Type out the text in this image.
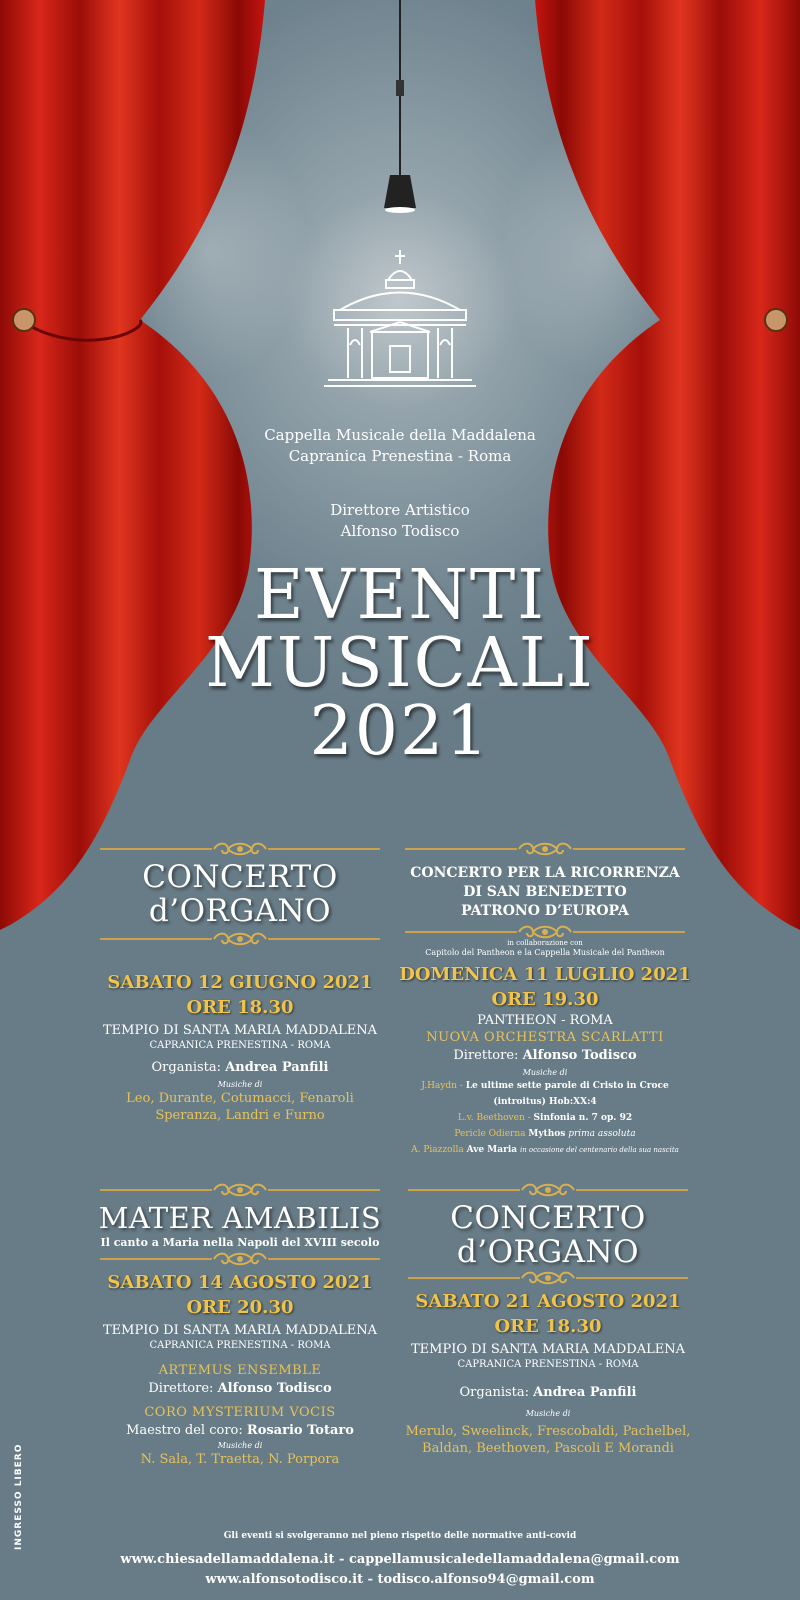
Cappella Musicale della Maddalena
Capranica Prenestina - Roma
Direttore Artistico
Alfonso Todisco
EVENTI
MUSICALI
2021
CONCERTO
d’ORGANO
SABATO 12 GIUGNO 2021
ORE 18.30
TEMPIO DI SANTA MARIA MADDALENA
CAPRANICA PRENESTINA - ROMA
Organista: Andrea Panfili
Musiche di
Leo, Durante, Cotumacci, Fenaroli
Speranza, Landri e Furno
CONCERTO PER LA RICORRENZA
DI SAN BENEDETTO
PATRONO D’EUROPA
in collaborazione con
Capitolo del Pantheon e la Cappella Musicale del Pantheon
DOMENICA 11 LUGLIO 2021
ORE 19.30
PANTHEON - ROMA
NUOVA ORCHESTRA SCARLATTI
Direttore: Alfonso Todisco
Musiche di
J.Haydn - Le ultime sette parole di Cristo in Croce (introitus) Hob:XX:4
L.v. Beethoven - Sinfonia n. 7 op. 92
Pericle Odierna Mythos prima assoluta
A. Piazzolla Ave Maria in occasione del centenario della sua nascita
MATER AMABILIS
Il canto a Maria nella Napoli del XVIII secolo
SABATO 14 AGOSTO 2021
ORE 20.30
TEMPIO DI SANTA MARIA MADDALENA
CAPRANICA PRENESTINA - ROMA
ARTEMUS ENSEMBLE
Direttore: Alfonso Todisco
CORO MYSTERIUM VOCIS
Maestro del coro: Rosario Totaro
Musiche di
N. Sala, T. Traetta, N. Porpora
CONCERTO
d’ORGANO
SABATO 21 AGOSTO 2021
ORE 18.30
TEMPIO DI SANTA MARIA MADDALENA
CAPRANICA PRENESTINA - ROMA
Organista: Andrea Panfili
Musiche di
Merulo, Sweelinck, Frescobaldi, Pachelbel,
Baldan, Beethoven, Pascoli E Morandi
INGRESSO LIBERO	Gli eventi si svolgeranno nel pieno rispetto delle normative anti-covid
www.chiesadellamaddalena.it - cappellamusicaledellamaddalena@gmail.com
www.alfonsotodisco.it - todisco.alfonso94@gmail.com
